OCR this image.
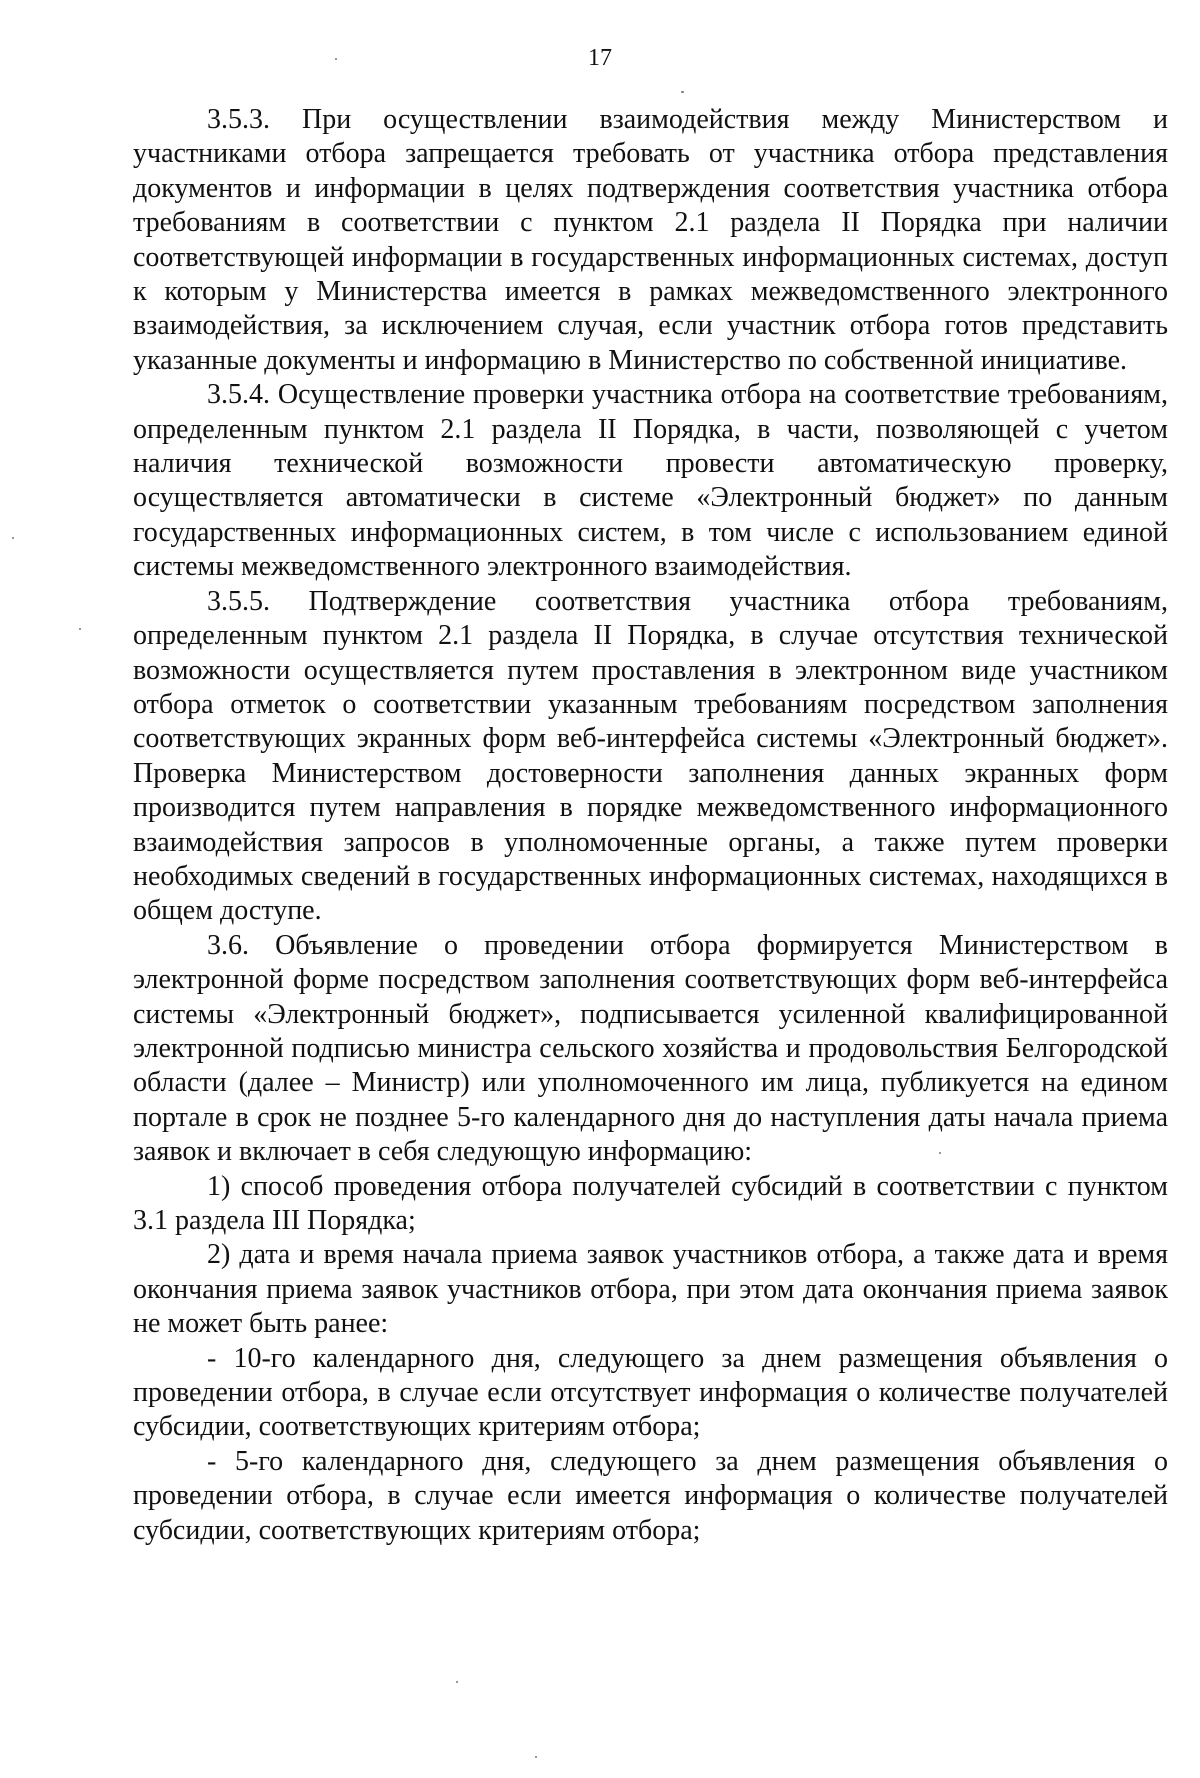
17

3.5.3. При осуществлении взаимодействия между Министерством и участниками отбора запрещается требовать от участника отбора представления документов и информации в целях подтверждения соответствия участника отбора требованиям в соответствии с пунктом 2.1 раздела II Порядка при наличии соответствующей информации в государственных информационных системах, доступ к которым у Министерства имеется в рамках межведомственного электронного взаимодействия, за исключением случая, если участник отбора готов представить указанные документы и информацию в Министерство по собственной инициативе.

3.5.4. Осуществление проверки участника отбора на соответствие требованиям, определенным пунктом 2.1 раздела II Порядка, в части, позволяющей с учетом наличия технической возможности провести автоматическую проверку, осуществляется автоматически в системе «Электронный бюджет» по данным государственных информационных систем, в том числе с использованием единой системы межведомственного электронного взаимодействия.

3.5.5. Подтверждение соответствия участника отбора требованиям, определенным пунктом 2.1 раздела II Порядка, в случае отсутствия технической возможности осуществляется путем проставления в электронном виде участником отбора отметок о соответствии указанным требованиям посредством заполнения соответствующих экранных форм веб-интерфейса системы «Электронный бюджет». Проверка Министерством достоверности заполнения данных экранных форм производится путем направления в порядке межведомственного информационного взаимодействия запросов в уполномоченные органы, а также путем проверки необходимых сведений в государственных информационных системах, находящихся в общем доступе.

3.6. Объявление о проведении отбора формируется Министерством в электронной форме посредством заполнения соответствующих форм веб-интерфейса системы «Электронный бюджет», подписывается усиленной квалифицированной электронной подписью министра сельского хозяйства и продовольствия Белгородской области (далее – Министр) или уполномоченного им лица, публикуется на едином портале в срок не позднее 5-го календарного дня до наступления даты начала приема заявок и включает в себя следующую информацию:

1) способ проведения отбора получателей субсидий в соответствии с пунктом 3.1 раздела III Порядка;

2) дата и время начала приема заявок участников отбора, а также дата и время окончания приема заявок участников отбора, при этом дата окончания приема заявок не может быть ранее:

- 10-го календарного дня, следующего за днем размещения объявления о проведении отбора, в случае если отсутствует информация о количестве получателей субсидии, соответствующих критериям отбора;

- 5-го календарного дня, следующего за днем размещения объявления о проведении отбора, в случае если имеется информация о количестве получателей субсидии, соответствующих критериям отбора;
